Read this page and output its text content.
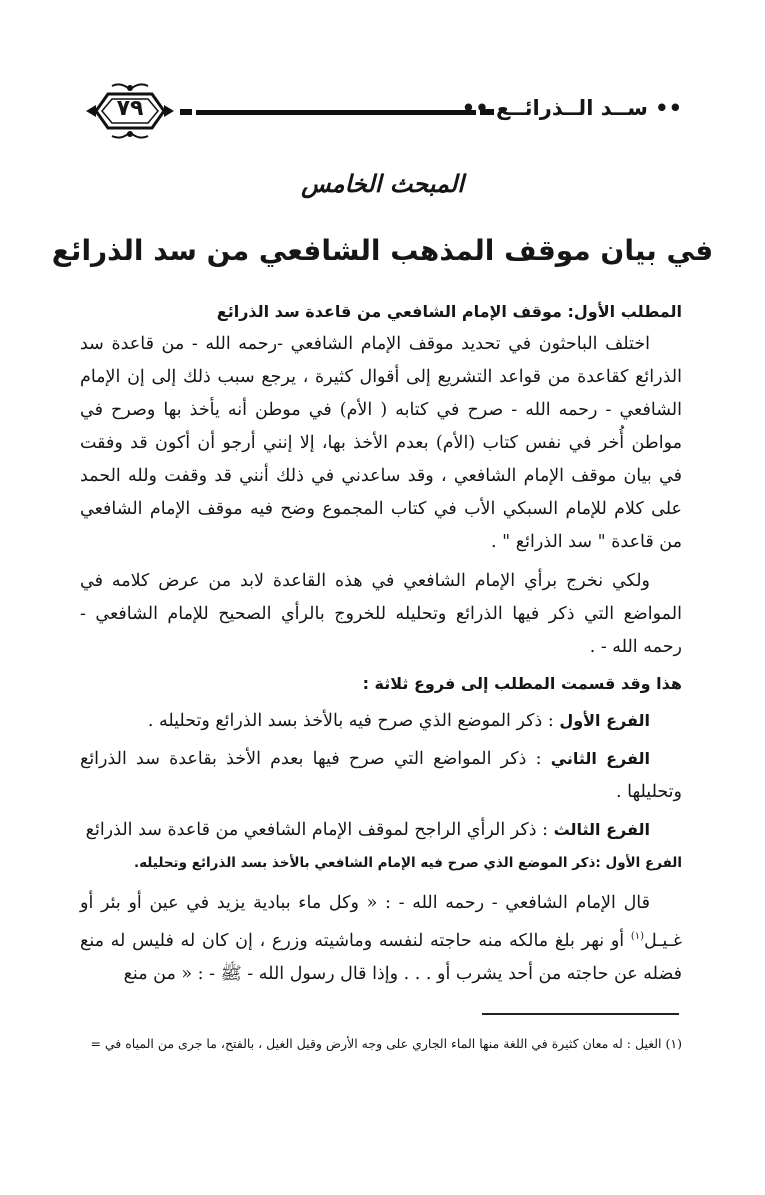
٧٩	•• ســد الــذرائــع ••
المبحث الخامس
في بيان موقف المذهب الشافعي من سد الذرائع

المطلب الأول: موقف الإمام الشافعي من قاعدة سد الذرائع

اختلف الباحثون في تحديد موقف الإمام الشافعي -رحمه الله - من قاعدة سد الذرائع كقاعدة من قواعد التشريع إلى أقوال كثيرة ، يرجع سبب ذلك إلى إن الإمام الشافعي - رحمه الله - صرح في كتابه ( الأم) في موطن أنه يأخذ بها وصرح في مواطن أُخر في نفس كتاب (الأم) بعدم الأخذ بها، إلا إنني أرجو أن أكون قد وفقت في بيان موقف الإمام الشافعي ، وقد ساعدني في ذلك أنني قد وقفت ولله الحمد على كلام للإمام السبكي الأب في كتاب المجموع وضح فيه موقف الإمام الشافعي من قاعدة " سد الذرائع " .

ولكي نخرج برأي الإمام الشافعي في هذه القاعدة لابد من عرض كلامه في المواضع التي ذكر فيها الذرائع وتحليله للخروج بالرأي الصحيح للإمام الشافعي - رحمه الله - .

هذا وقد قسمت المطلب إلى فروع ثلاثة :

الفرع الأول : ذكر الموضع الذي صرح فيه بالأخذ بسد الذرائع وتحليله .

الفرع الثاني : ذكر المواضع التي صرح فيها بعدم الأخذ بقاعدة سد الذرائع وتحليلها .

الفرع الثالث : ذكر الرأي الراجح لموقف الإمام الشافعي من قاعدة سد الذرائع

الفرع الأول :ذكر الموضع الذي صرح فيه الإمام الشافعي بالأخذ بسد الذرائع وتحليله.

قال الإمام الشافعي - رحمه الله - : « وكل ماء ببادية يزيد في عين أو بئر أو غـيـل$^{(١)}$ أو نهر بلغ مالكه منه حاجته لنفسه وماشيته وزرع ، إن كان له فليس له منع فضله عن حاجته من أحد يشرب أو . . . وإذا قال رسول الله - ﷺ - : « من منع

(١) الغيل : له معان كثيرة في اللغة منها الماء الجاري على وجه الأرض وقيل الغيل ، بالفتح، ما جرى من المياه في =
